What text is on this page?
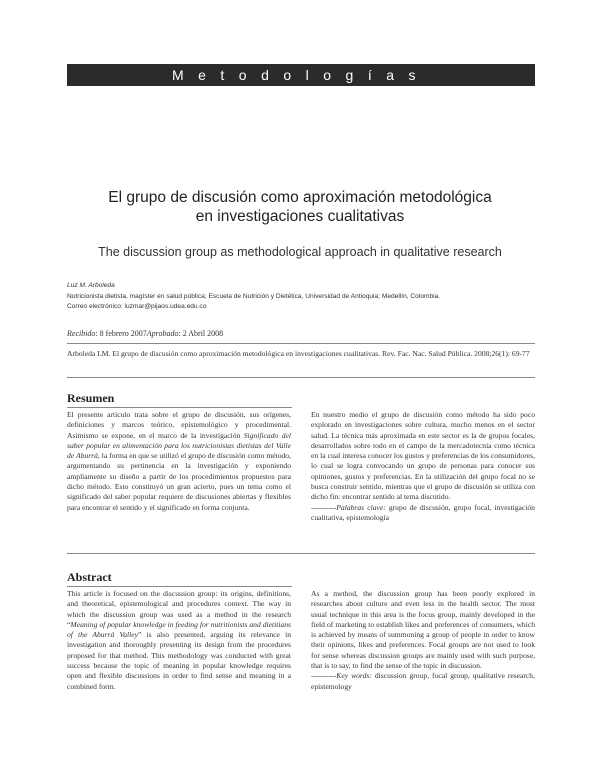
Metodologías
El grupo de discusión como aproximación metodológica
en investigaciones cualitativas

The discussion group as methodological approach in qualitative research

Luz M. Arboleda
Nutricionista dietista, magíster en salud pública; Escuela de Nutrición y Dietética, Universidad de Antioquia; Medellín, Colombia.
Correo electrónico: luzmar@pijaos.udea.edu.co
Recibido: 8 febrero 2007Aprobado: 2 Abril 2008
Arboleda LM. El grupo de discusión como aproximación metodológica en investigaciones cualitativas. Rev. Fac. Nac. Salud Pública. 2008;26(1): 69-77
Resumen

El presente artículo trata sobre el grupo de discusión, sus orígenes, definiciones y marcos teórico, epistemológico y procedimental. Asimismo se expone, en el marco de la investigación Significado del saber popular en alimentación para los nutricionistas dietistas del Valle de Aburrá, la forma en que se utilizó el grupo de discusión como método, argumentando su pertinencia en la investigación y exponiendo ampliamente su diseño a partir de los procedimientos propuestos para dicho método. Esto constituyó un gran acierto, pues un tema como el significado del saber popular requiere de discusiones abiertas y flexibles para encontrar el sentido y el significado en forma conjunta.

En nuestro medio el grupo de discusión como método ha sido poco explorado en investigaciones sobre cultura, mucho menos en el sector salud. La técnica más aproximada en este sector es la de grupos focales, desarrollados sobre todo en el campo de la mercadotecnia como técnica en la cual interesa conocer los gustos y preferencias de los consumidores, lo cual se logra convocando un grupo de personas para conocer sus opiniones, gustos y preferencias. En la utilización del grupo focal no se busca construir sentido, mientras que el grupo de discusión se utiliza con dicho fin: encontrar sentido al tema discutido.

----------Palabras clave: grupo de discusión, grupo focal, investigación cualitativa, epistemología

Abstract

This article is focused on the discussion group: its origins, definitions, and theoretical, epistemological and procedures context. The way in which the discussion group was used as a method in the research “Meaning of popular knowledge in feeding for nutritionists and dietitians of the Aburrá Valley” is also presented, arguing its relevance in investigation and thoroughly presenting its design from the procedures proposed for that method. This methodology was conducted with great success because the topic of meaning in popular knowledge requires open and flexible discussions in order to find sense and meaning in a combined form.

As a method, the discussion group has been poorly explored in researches about culture and even less in the health sector. The most usual technique in this area is the focus group, mainly developed in the field of marketing to establish likes and preferences of consumers, which is achieved by means of summoning a group of people in order to know their opinions, likes and preferences. Focal groups are not used to look for sense whereas discussion groups are mainly used with such purpose, that is to say, to find the sense of the topic in discussion.

----------Key words: discussion group, focal group, qualitative research, epistemology
